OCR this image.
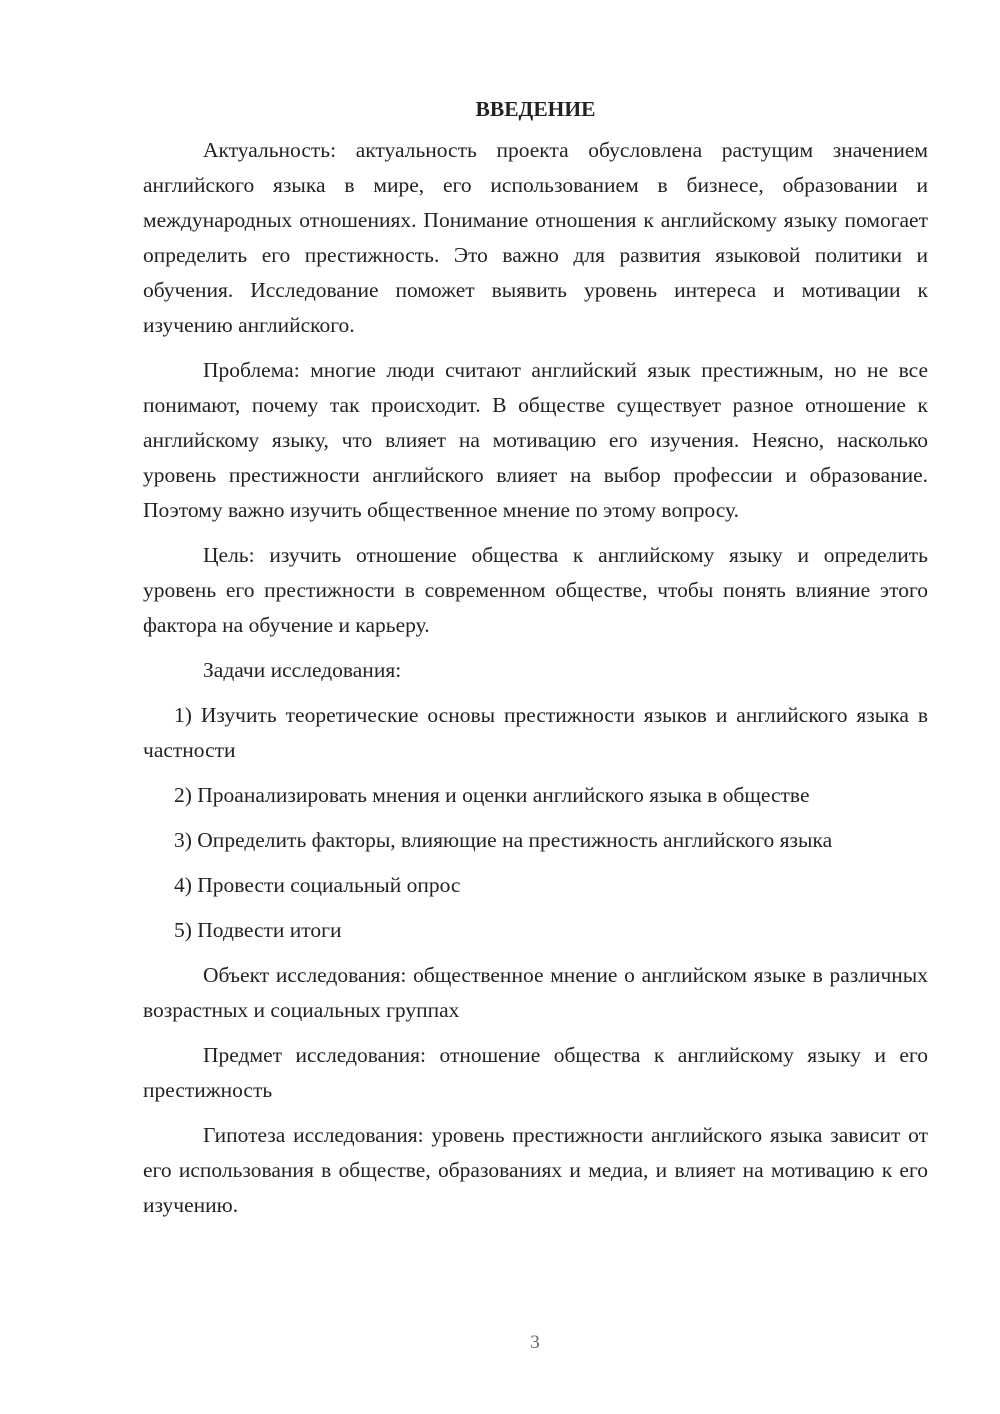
ВВЕДЕНИЕ

Актуальность: актуальность проекта обусловлена растущим значением английского языка в мире, его использованием в бизнесе, образовании и международных отношениях. Понимание отношения к английскому языку помогает определить его престижность. Это важно для развития языковой политики и обучения. Исследование поможет выявить уровень интереса и мотивации к изучению английского.

Проблема: многие люди считают английский язык престижным, но не все понимают, почему так происходит. В обществе существует разное отношение к английскому языку, что влияет на мотивацию его изучения. Неясно, насколько уровень престижности английского влияет на выбор профессии и образование. Поэтому важно изучить общественное мнение по этому вопросу.

Цель: изучить отношение общества к английскому языку и определить уровень его престижности в современном обществе, чтобы понять влияние этого фактора на обучение и карьеру.

Задачи исследования:

1) Изучить теоретические основы престижности языков и английского языка в частности

2) Проанализировать мнения и оценки английского языка в обществе

3) Определить факторы, влияющие на престижность английского языка

4) Провести социальный опрос

5) Подвести итоги

Объект исследования: общественное мнение о английском языке в различных возрастных и социальных группах

Предмет исследования: отношение общества к английскому языку и его престижность

Гипотеза исследования: уровень престижности английского языка зависит от его использования в обществе, образованиях и медиа, и влияет на мотивацию к его изучению.

3
